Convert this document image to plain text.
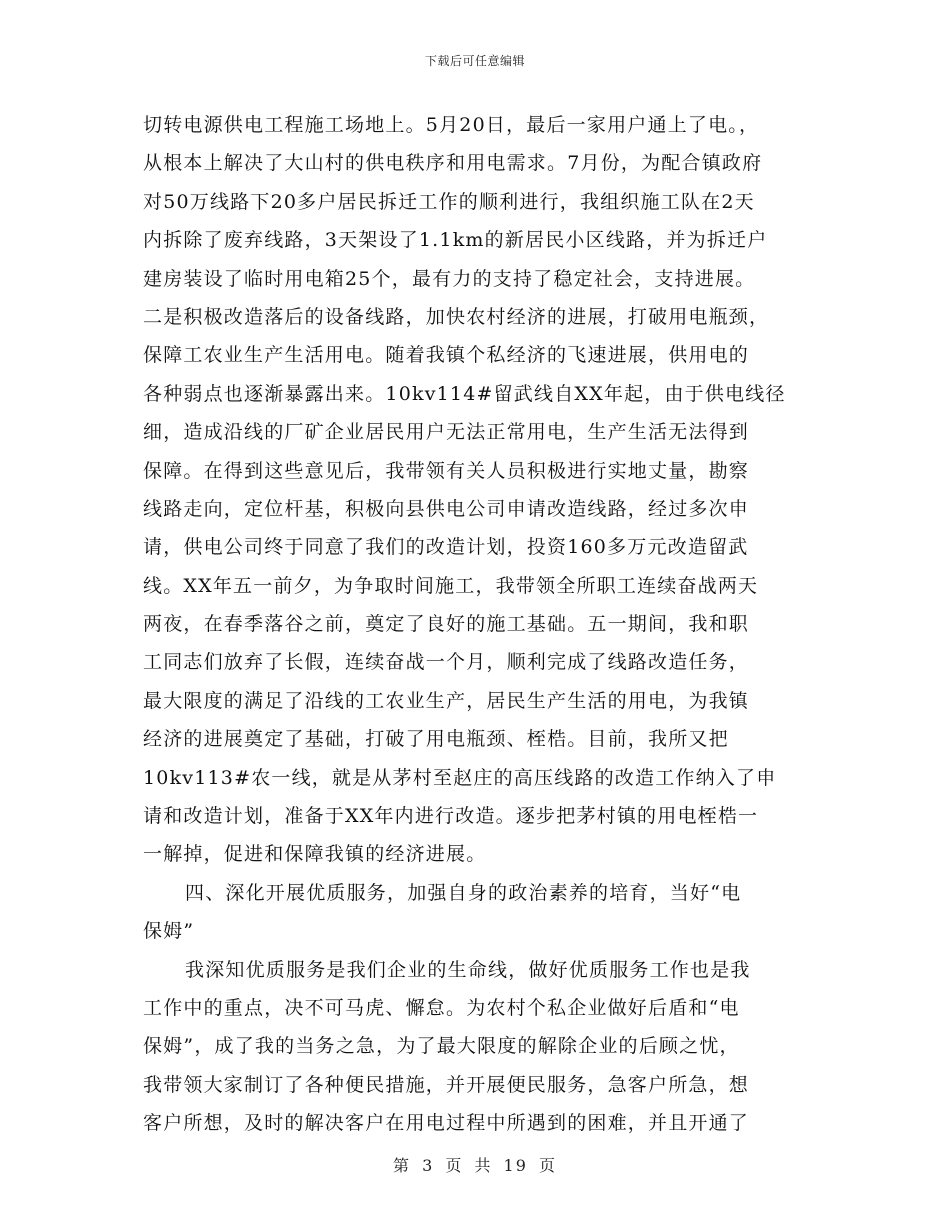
下载后可任意编辑
切转电源供电工程施工场地上。5月20日，最后一家用户通上了电。，
从根本上解决了大山村的供电秩序和用电需求。7月份，为配合镇政府
对50万线路下20多户居民拆迁工作的顺利进行，我组织施工队在2天
内拆除了废弃线路，3天架设了1.1km的新居民小区线路，并为拆迁户
建房装设了临时用电箱25个，最有力的支持了稳定社会，支持进展。
二是积极改造落后的设备线路，加快农村经济的进展，打破用电瓶颈，
保障工农业生产生活用电。随着我镇个私经济的飞速进展，供用电的
各种弱点也逐渐暴露出来。10kv114#留武线自XX年起，由于供电线径
细，造成沿线的厂矿企业居民用户无法正常用电，生产生活无法得到
保障。在得到这些意见后，我带领有关人员积极进行实地丈量，勘察
线路走向，定位杆基，积极向县供电公司申请改造线路，经过多次申
请，供电公司终于同意了我们的改造计划，投资160多万元改造留武
线。XX年五一前夕，为争取时间施工，我带领全所职工连续奋战两天
两夜，在春季落谷之前，奠定了良好的施工基础。五一期间，我和职
工同志们放弃了长假，连续奋战一个月，顺利完成了线路改造任务，
最大限度的满足了沿线的工农业生产，居民生产生活的用电，为我镇
经济的进展奠定了基础，打破了用电瓶颈、桎梏。目前，我所又把
10kv113#农一线，就是从茅村至赵庄的高压线路的改造工作纳入了申
请和改造计划，准备于XX年内进行改造。逐步把茅村镇的用电桎梏一
一解掉，促进和保障我镇的经济进展。
四、深化开展优质服务，加强自身的政治素养的培育，当好“电
保姆”
我深知优质服务是我们企业的生命线，做好优质服务工作也是我
工作中的重点，决不可马虎、懈怠。为农村个私企业做好后盾和“电
保姆”，成了我的当务之急，为了最大限度的解除企业的后顾之忧，
我带领大家制订了各种便民措施，并开展便民服务，急客户所急，想
客户所想，及时的解决客户在用电过程中所遇到的困难，并且开通了
第 3 页 共 19 页
